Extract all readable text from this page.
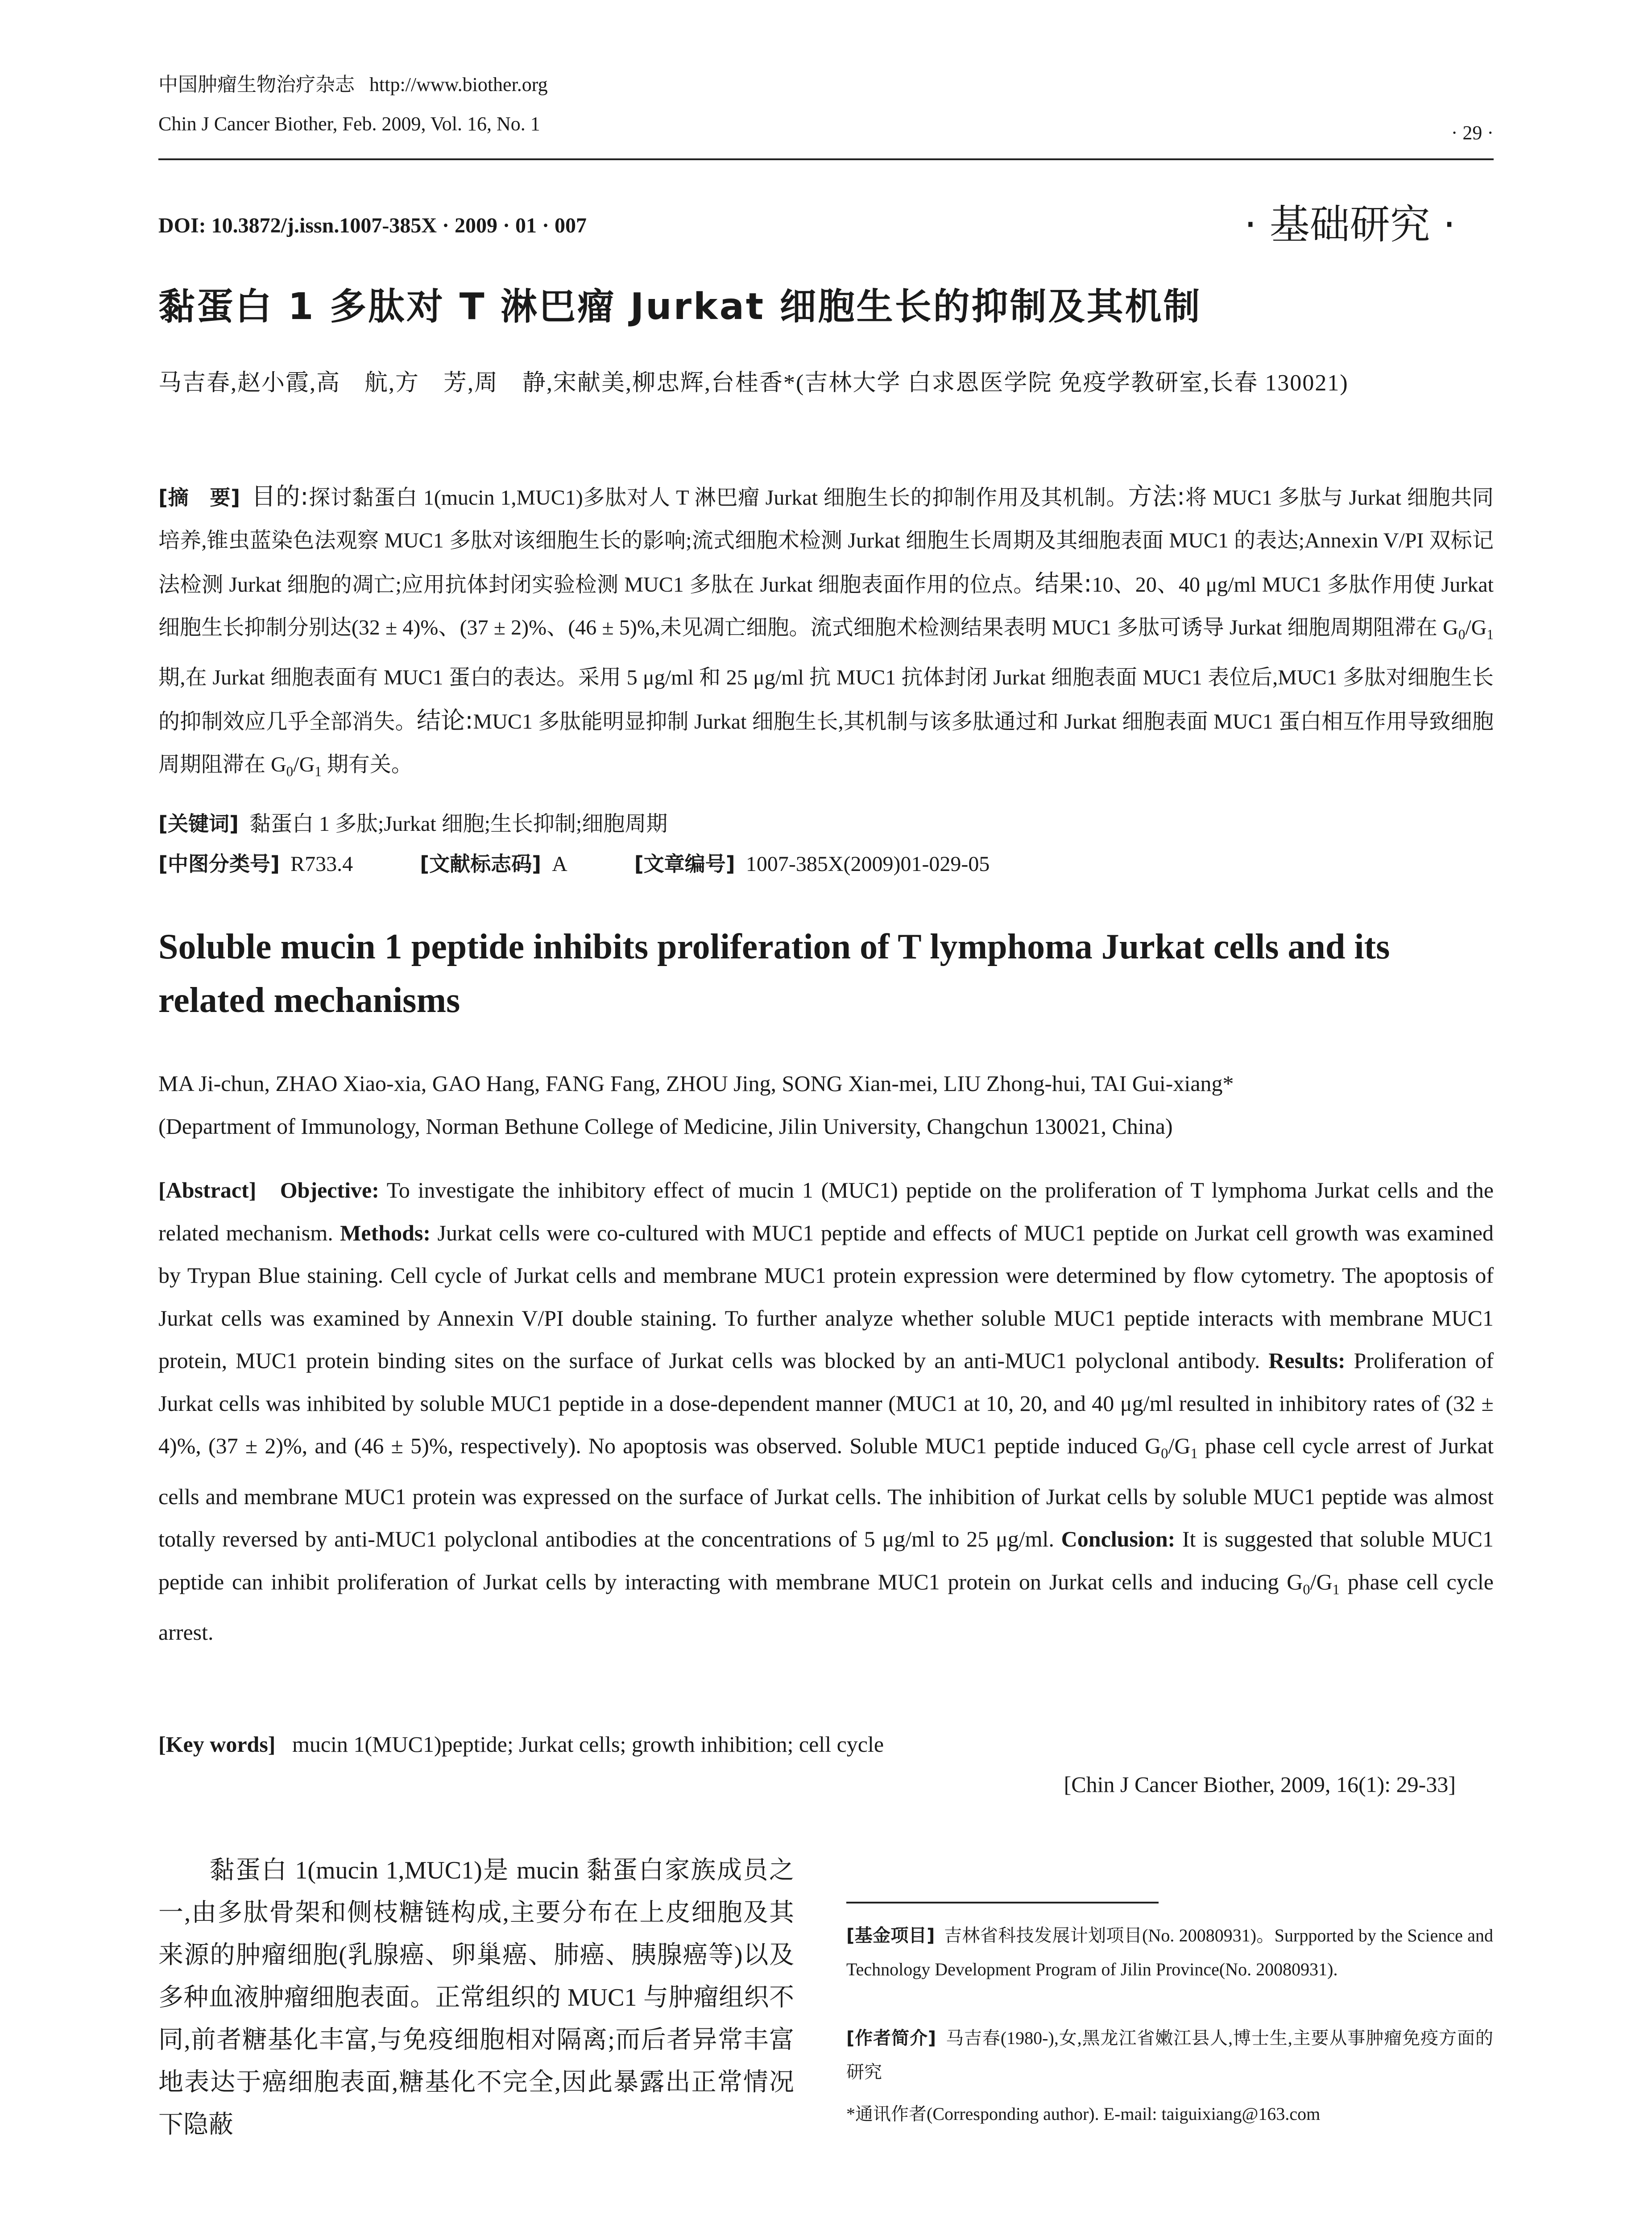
中国肿瘤生物治疗杂志 http://www.biother.org
Chin J Cancer Biother, Feb. 2009, Vol. 16, No. 1	· 29 ·
DOI: 10.3872/j.issn.1007-385X · 2009 · 01 · 007	· 基础研究 ·
黏蛋白 1 多肽对 T 淋巴瘤 Jurkat 细胞生长的抑制及其机制
马吉春,赵小霞,高　航,方　芳,周　静,宋献美,柳忠辉,台桂香*(吉林大学 白求恩医学院 免疫学教研室,长春 130021)
[摘　要] 目的:探讨黏蛋白 1(mucin 1,MUC1)多肽对人 T 淋巴瘤 Jurkat 细胞生长的抑制作用及其机制。方法:将 MUC1 多肽与 Jurkat 细胞共同培养,锥虫蓝染色法观察 MUC1 多肽对该细胞生长的影响;流式细胞术检测 Jurkat 细胞生长周期及其细胞表面 MUC1 的表达;Annexin V/PI 双标记法检测 Jurkat 细胞的凋亡;应用抗体封闭实验检测 MUC1 多肽在 Jurkat 细胞表面作用的位点。结果:10、20、40 μg/ml MUC1 多肽作用使 Jurkat 细胞生长抑制分别达(32 ± 4)%、(37 ± 2)%、(46 ± 5)%,未见凋亡细胞。流式细胞术检测结果表明 MUC1 多肽可诱导 Jurkat 细胞周期阻滞在 $G_0/G_1$ 期,在 Jurkat 细胞表面有 MUC1 蛋白的表达。采用 5 μg/ml 和 25 μg/ml 抗 MUC1 抗体封闭 Jurkat 细胞表面 MUC1 表位后,MUC1 多肽对细胞生长的抑制效应几乎全部消失。结论:MUC1 多肽能明显抑制 Jurkat 细胞生长,其机制与该多肽通过和 Jurkat 细胞表面 MUC1 蛋白相互作用导致细胞周期阻滞在 $G_0/G_1$ 期有关。
[关键词] 黏蛋白 1 多肽;Jurkat 细胞;生长抑制;细胞周期
[中图分类号] R733.4	[文献标志码] A	[文章编号] 1007-385X(2009)01-029-05
Soluble mucin 1 peptide inhibits proliferation of T lymphoma Jurkat cells and its related mechanisms
MA Ji-chun, ZHAO Xiao-xia, GAO Hang, FANG Fang, ZHOU Jing, SONG Xian-mei, LIU Zhong-hui, TAI Gui-xiang*
(Department of Immunology, Norman Bethune College of Medicine, Jilin University, Changchun 130021, China)
[Abstract] Objective: To investigate the inhibitory effect of mucin 1 (MUC1) peptide on the proliferation of T lymphoma Jurkat cells and the related mechanism. Methods: Jurkat cells were co-cultured with MUC1 peptide and effects of MUC1 peptide on Jurkat cell growth was examined by Trypan Blue staining. Cell cycle of Jurkat cells and membrane MUC1 protein expression were determined by flow cytometry. The apoptosis of Jurkat cells was examined by Annexin V/PI double staining. To further analyze whether soluble MUC1 peptide interacts with membrane MUC1 protein, MUC1 protein binding sites on the surface of Jurkat cells was blocked by an anti-MUC1 polyclonal antibody. Results: Proliferation of Jurkat cells was inhibited by soluble MUC1 peptide in a dose-dependent manner (MUC1 at 10, 20, and 40 μg/ml resulted in inhibitory rates of (32 ± 4)%, (37 ± 2)%, and (46 ± 5)%, respectively). No apoptosis was observed. Soluble MUC1 peptide induced $G_0/G_1$ phase cell cycle arrest of Jurkat cells and membrane MUC1 protein was expressed on the surface of Jurkat cells. The inhibition of Jurkat cells by soluble MUC1 peptide was almost totally reversed by anti-MUC1 polyclonal antibodies at the concentrations of 5 μg/ml to 25 μg/ml. Conclusion: It is suggested that soluble MUC1 peptide can inhibit proliferation of Jurkat cells by interacting with membrane MUC1 protein on Jurkat cells and inducing $G_0/G_1$ phase cell cycle arrest.
[Key words] mucin 1(MUC1)peptide; Jurkat cells; growth inhibition; cell cycle
[Chin J Cancer Biother, 2009, 16(1): 29-33]
黏蛋白 1(mucin 1,MUC1)是 mucin 黏蛋白家族成员之一,由多肽骨架和侧枝糖链构成,主要分布在上皮细胞及其来源的肿瘤细胞(乳腺癌、卵巢癌、肺癌、胰腺癌等)以及多种血液肿瘤细胞表面。正常组织的 MUC1 与肿瘤组织不同,前者糖基化丰富,与免疫细胞相对隔离;而后者异常丰富地表达于癌细胞表面,糖基化不完全,因此暴露出正常情况下隐蔽
[基金项目] 吉林省科技发展计划项目(No. 20080931)。Surpported by the Science and Technology Development Program of Jilin Province(No. 20080931).
[作者简介] 马吉春(1980-),女,黑龙江省嫩江县人,博士生,主要从事肿瘤免疫方面的研究
*通讯作者(Corresponding author). E-mail: taiguixiang@163.com
